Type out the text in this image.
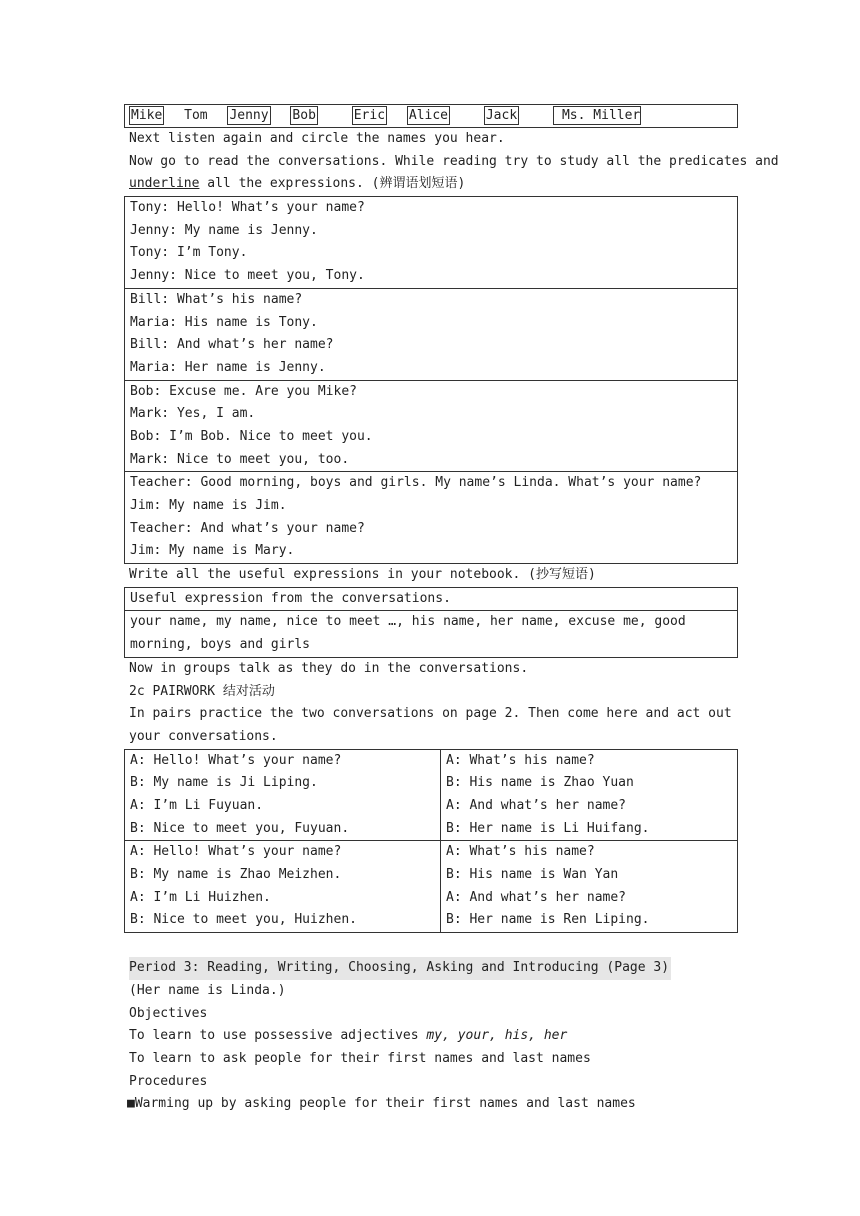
Mike Tom Jenny Bob	Eric Alice	Jack	Ms. Miller
Next listen again and circle the names you hear.
Now go to read the conversations. While reading try to study all the predicates and
underline all the expressions. (辨谓语划短语)
Tony: Hello! What’s your name?
Jenny: My name is Jenny.
Tony: I’m Tony.
Jenny: Nice to meet you, Tony.
Bill: What’s his name?
Maria: His name is Tony.
Bill: And what’s her name?
Maria: Her name is Jenny.
Bob: Excuse me. Are you Mike?
Mark: Yes, I am.
Bob: I’m Bob. Nice to meet you.
Mark: Nice to meet you, too.
Teacher: Good morning, boys and girls. My name’s Linda. What’s your name?
Jim: My name is Jim.
Teacher: And what’s your name?
Jim: My name is Mary.
Write all the useful expressions in your notebook. (抄写短语)
Useful expression from the conversations.
your name, my name, nice to meet …, his name, her name, excuse me, good morning, boys and girls
Now in groups talk as they do in the conversations.
2c PAIRWORK 结对活动
In pairs practice the two conversations on page 2. Then come here and act out your conversations.
A: Hello! What’s your name?
B: My name is Ji Liping.
A: I’m Li Fuyuan.
B: Nice to meet you, Fuyuan.
A: What’s his name?
B: His name is Zhao Yuan
A: And what’s her name?
B: Her name is Li Huifang.
A: Hello! What’s your name?
B: My name is Zhao Meizhen.
A: I’m Li Huizhen.
B: Nice to meet you, Huizhen.
A: What’s his name?
B: His name is Wan Yan
A: And what’s her name?
B: Her name is Ren Liping.
Period 3: Reading, Writing, Choosing, Asking and Introducing (Page 3)
(Her name is Linda.)
Objectives
To learn to use possessive adjectives my, your, his, her
To learn to ask people for their first names and last names
Procedures
■Warming up by asking people for their first names and last names
